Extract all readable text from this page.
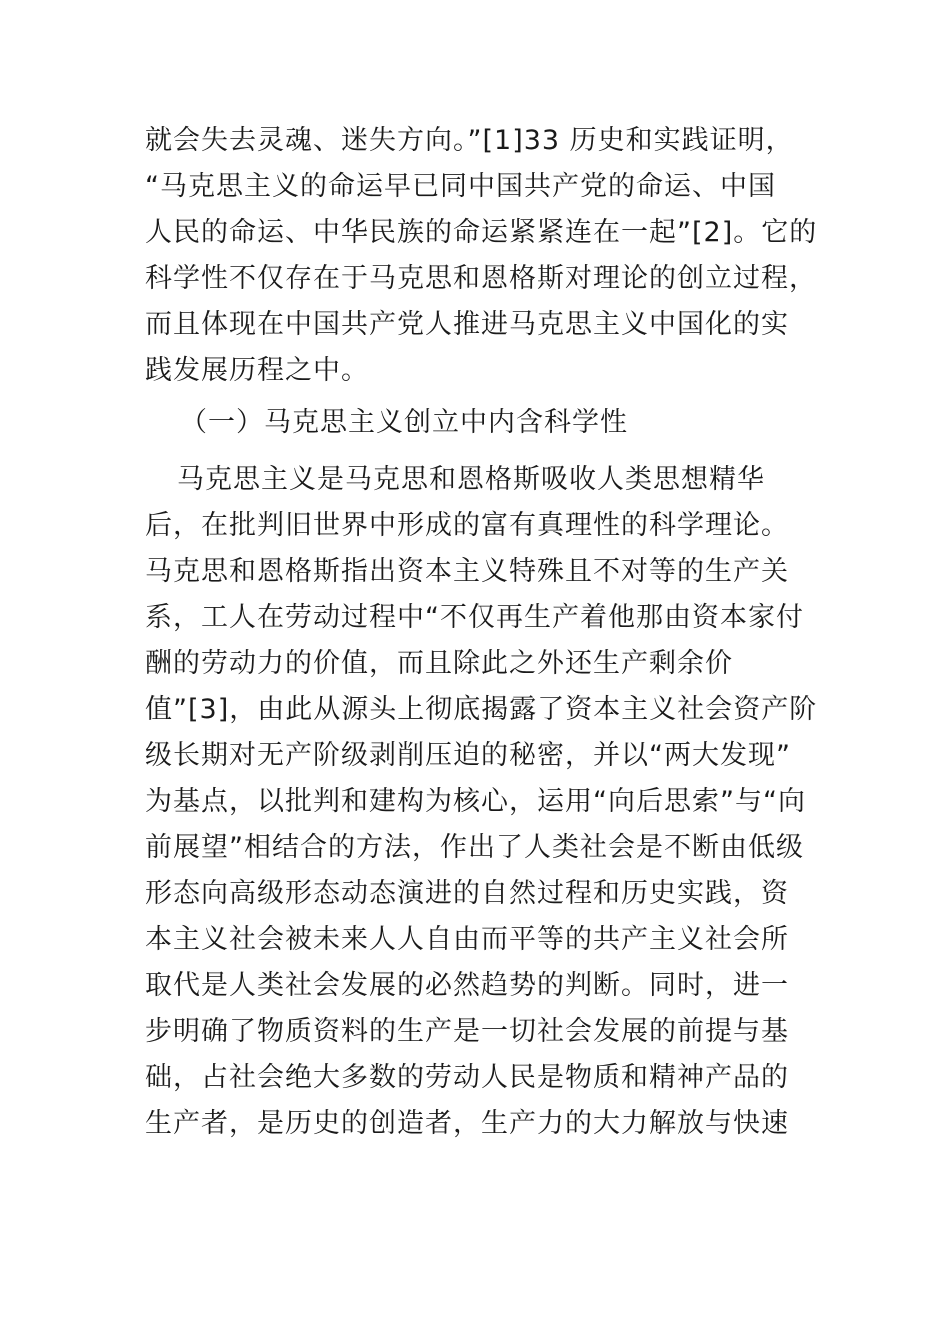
就会失去灵魂、迷失方向。”[1]33 历史和实践证明，
“马克思主义的命运早已同中国共产党的命运、中国
人民的命运、中华民族的命运紧紧连在一起”[2]。它的
科学性不仅存在于马克思和恩格斯对理论的创立过程，
而且体现在中国共产党人推进马克思主义中国化的实
践发展历程之中。
（一）马克思主义创立中内含科学性
马克思主义是马克思和恩格斯吸收人类思想精华
后，在批判旧世界中形成的富有真理性的科学理论。
马克思和恩格斯指出资本主义特殊且不对等的生产关
系，工人在劳动过程中“不仅再生产着他那由资本家付
酬的劳动力的价值，而且除此之外还生产剩余价
值”[3]，由此从源头上彻底揭露了资本主义社会资产阶
级长期对无产阶级剥削压迫的秘密，并以“两大发现”
为基点，以批判和建构为核心，运用“向后思索”与“向
前展望”相结合的方法，作出了人类社会是不断由低级
形态向高级形态动态演进的自然过程和历史实践，资
本主义社会被未来人人自由而平等的共产主义社会所
取代是人类社会发展的必然趋势的判断。同时，进一
步明确了物质资料的生产是一切社会发展的前提与基
础，占社会绝大多数的劳动人民是物质和精神产品的
生产者，是历史的创造者，生产力的大力解放与快速
